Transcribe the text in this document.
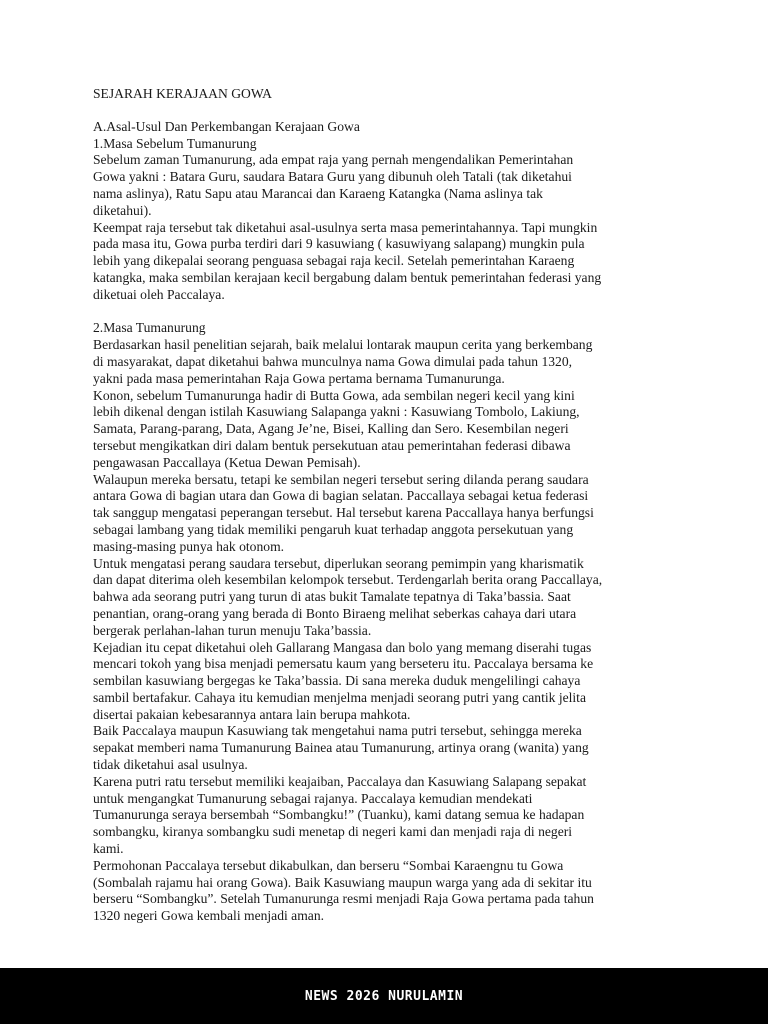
SEJARAH KERAJAAN GOWA

A.Asal-Usul Dan Perkembangan Kerajaan Gowa

1.Masa Sebelum Tumanurung

Sebelum zaman Tumanurung, ada empat raja yang pernah mengendalikan Pemerintahan

Gowa yakni : Batara Guru, saudara Batara Guru yang dibunuh oleh Tatali (tak diketahui

nama aslinya), Ratu Sapu atau Marancai dan Karaeng Katangka (Nama aslinya tak

diketahui).

Keempat raja tersebut tak diketahui asal-usulnya serta masa pemerintahannya. Tapi mungkin

pada masa itu, Gowa purba terdiri dari 9 kasuwiang ( kasuwiyang salapang) mungkin pula

lebih yang dikepalai seorang penguasa sebagai raja kecil. Setelah pemerintahan Karaeng

katangka, maka sembilan kerajaan kecil bergabung dalam bentuk pemerintahan federasi yang

diketuai oleh Paccalaya.

2.Masa Tumanurung

Berdasarkan hasil penelitian sejarah, baik melalui lontarak maupun cerita yang berkembang

di masyarakat, dapat diketahui bahwa munculnya nama Gowa dimulai pada tahun 1320,

yakni pada masa pemerintahan Raja Gowa pertama bernama Tumanurunga.

Konon, sebelum Tumanurunga hadir di Butta Gowa, ada sembilan negeri kecil yang kini

lebih dikenal dengan istilah Kasuwiang Salapanga yakni : Kasuwiang Tombolo, Lakiung,

Samata, Parang-parang, Data, Agang Je’ne, Bisei, Kalling dan Sero. Kesembilan negeri

tersebut mengikatkan diri dalam bentuk persekutuan atau pemerintahan federasi dibawa

pengawasan Paccallaya (Ketua Dewan Pemisah).

Walaupun mereka bersatu, tetapi ke sembilan negeri tersebut sering dilanda perang saudara

antara Gowa di bagian utara dan Gowa di bagian selatan. Paccallaya sebagai ketua federasi

tak sanggup mengatasi peperangan tersebut. Hal tersebut karena Paccallaya hanya berfungsi

sebagai lambang yang tidak memiliki pengaruh kuat terhadap anggota persekutuan yang

masing-masing punya hak otonom.

Untuk mengatasi perang saudara tersebut, diperlukan seorang pemimpin yang kharismatik

dan dapat diterima oleh kesembilan kelompok tersebut. Terdengarlah berita orang Paccallaya,

bahwa ada seorang putri yang turun di atas bukit Tamalate tepatnya di Taka’bassia. Saat

penantian, orang-orang yang berada di Bonto Biraeng melihat seberkas cahaya dari utara

bergerak perlahan-lahan turun menuju Taka’bassia.

Kejadian itu cepat diketahui oleh Gallarang Mangasa dan bolo yang memang diserahi tugas

mencari tokoh yang bisa menjadi pemersatu kaum yang berseteru itu. Paccalaya bersama ke

sembilan kasuwiang bergegas ke Taka’bassia. Di sana mereka duduk mengelilingi cahaya

sambil bertafakur. Cahaya itu kemudian menjelma menjadi seorang putri yang cantik jelita

disertai pakaian kebesarannya antara lain berupa mahkota.

Baik Paccalaya maupun Kasuwiang tak mengetahui nama putri tersebut, sehingga mereka

sepakat memberi nama Tumanurung Bainea atau Tumanurung, artinya orang (wanita) yang

tidak diketahui asal usulnya.

Karena putri ratu tersebut memiliki keajaiban, Paccalaya dan Kasuwiang Salapang sepakat

untuk mengangkat Tumanurung sebagai rajanya. Paccalaya kemudian mendekati

Tumanurunga seraya bersembah “Sombangku!” (Tuanku), kami datang semua ke hadapan

sombangku, kiranya sombangku sudi menetap di negeri kami dan menjadi raja di negeri

kami.

Permohonan Paccalaya tersebut dikabulkan, dan berseru “Sombai Karaengnu tu Gowa

(Sombalah rajamu hai orang Gowa). Baik Kasuwiang maupun warga yang ada di sekitar itu

berseru “Sombangku”. Setelah Tumanurunga resmi menjadi Raja Gowa pertama pada tahun

1320 negeri Gowa kembali menjadi aman.

NEWS 2026 NURULAMIN
